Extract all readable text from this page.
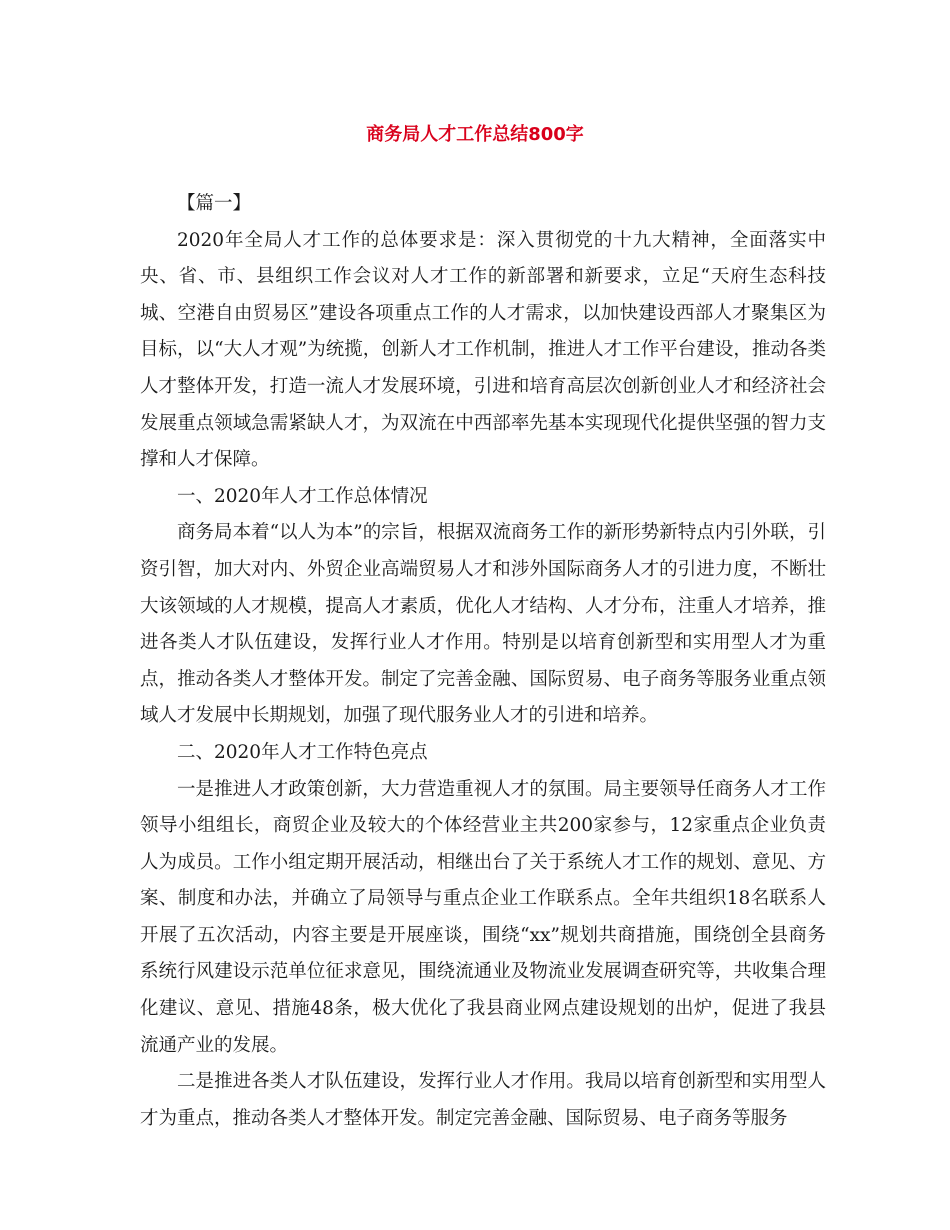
商务局人才工作总结800字

【篇一】

2020年全局人才工作的总体要求是：深入贯彻党的十九大精神，全面落实中央、省、市、县组织工作会议对人才工作的新部署和新要求，立足“天府生态科技城、空港自由贸易区”建设各项重点工作的人才需求，以加快建设西部人才聚集区为目标，以“大人才观”为统揽，创新人才工作机制，推进人才工作平台建设，推动各类人才整体开发，打造一流人才发展环境，引进和培育高层次创新创业人才和经济社会发展重点领域急需紧缺人才，为双流在中西部率先基本实现现代化提供坚强的智力支撑和人才保障。

一、2020年人才工作总体情况

商务局本着“以人为本”的宗旨，根据双流商务工作的新形势新特点内引外联，引资引智，加大对内、外贸企业高端贸易人才和涉外国际商务人才的引进力度，不断壮大该领域的人才规模，提高人才素质，优化人才结构、人才分布，注重人才培养，推进各类人才队伍建设，发挥行业人才作用。特别是以培育创新型和实用型人才为重点，推动各类人才整体开发。制定了完善金融、国际贸易、电子商务等服务业重点领域人才发展中长期规划，加强了现代服务业人才的引进和培养。

二、2020年人才工作特色亮点

一是推进人才政策创新，大力营造重视人才的氛围。局主要领导任商务人才工作领导小组组长，商贸企业及较大的个体经营业主共200家参与，12家重点企业负责人为成员。工作小组定期开展活动，相继出台了关于系统人才工作的规划、意见、方案、制度和办法，并确立了局领导与重点企业工作联系点。全年共组织18名联系人开展了五次活动，内容主要是开展座谈，围绕“xx”规划共商措施，围绕创全县商务系统行风建设示范单位征求意见，围绕流通业及物流业发展调查研究等，共收集合理化建议、意见、措施48条，极大优化了我县商业网点建设规划的出炉，促进了我县流通产业的发展。

二是推进各类人才队伍建设，发挥行业人才作用。我局以培育创新型和实用型人才为重点，推动各类人才整体开发。制定完善金融、国际贸易、电子商务等服务
